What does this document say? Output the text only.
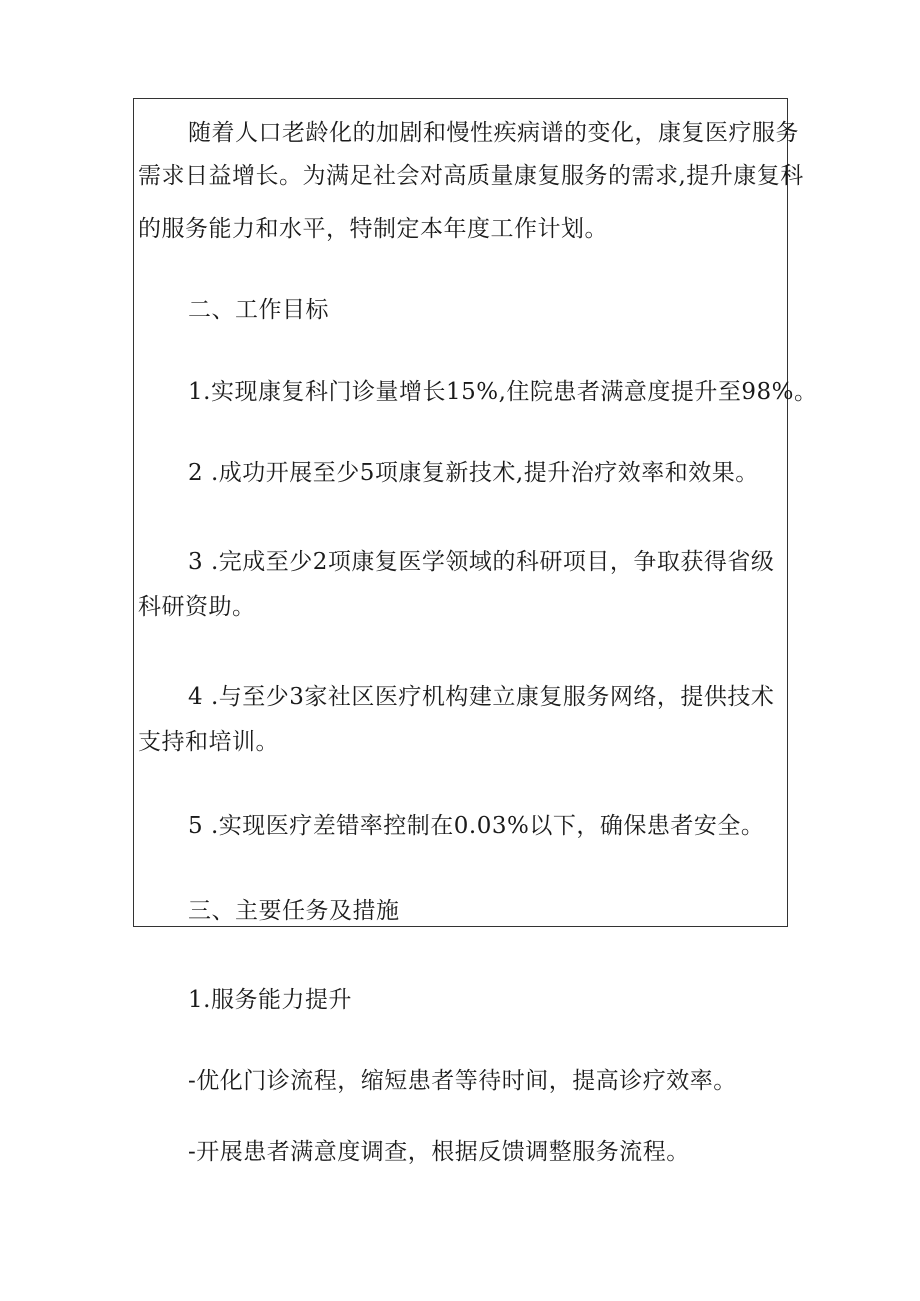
随着人口老龄化的加剧和慢性疾病谱的变化，康复医疗服务
需求日益增长。为满足社会对高质量康复服务的需求,提升康复科
的服务能力和水平，特制定本年度工作计划。
二、工作目标
1.实现康复科门诊量增长15%,住院患者满意度提升至98%。
2 .成功开展至少5项康复新技术,提升治疗效率和效果。
3 .完成至少2项康复医学领域的科研项目，争取获得省级
科研资助。
4 .与至少3家社区医疗机构建立康复服务网络，提供技术
支持和培训。
5 .实现医疗差错率控制在0.03%以下，确保患者安全。
三、主要任务及措施
1.服务能力提升
-优化门诊流程，缩短患者等待时间，提高诊疗效率。
-开展患者满意度调查，根据反馈调整服务流程。
